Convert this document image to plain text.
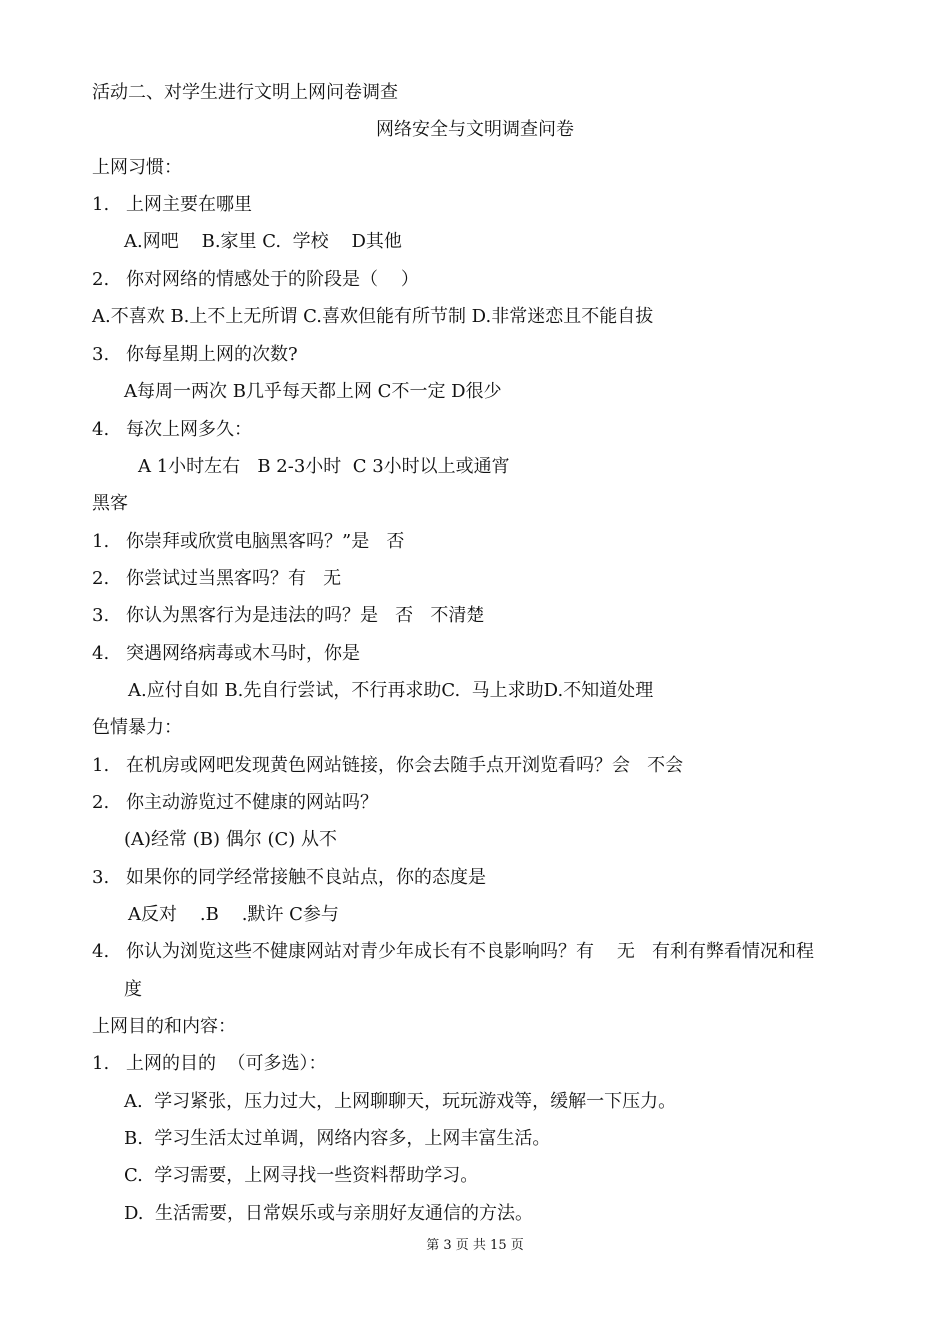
活动二、对学生进行文明上网问卷调查
网络安全与文明调查问卷
上网习惯：
1. 上网主要在哪里
A.网吧    B.家里 C.  学校    D其他
2. 你对网络的情感处于的阶段是（    ）
A.不喜欢 B.上不上无所谓 C.喜欢但能有所节制 D.非常迷恋且不能自拔
3. 你每星期上网的次数?
A每周一两次 B几乎每天都上网 C不一定 D很少
4. 每次上网多久：
A 1小时左右   B 2-3小时  C 3小时以上或通宵
黑客
1. 你崇拜或欣赏电脑黑客吗？”是   否
2. 你尝试过当黑客吗？有   无
3. 你认为黑客行为是违法的吗？是   否   不清楚
4. 突遇网络病毒或木马时，你是
A.应付自如 B.先自行尝试，不行再求助C.  马上求助D.不知道处理
色情暴力：
1. 在机房或网吧发现黄色网站链接，你会去随手点开浏览看吗？会   不会
2. 你主动游览过不健康的网站吗？
(A)经常 (B) 偶尔 (C) 从不
3. 如果你的同学经常接触不良站点，你的态度是
A反对    .B    .默许 C参与
4. 你认为浏览这些不健康网站对青少年成长有不良影响吗？有    无   有利有弊看情况和程
度
上网目的和内容：
1. 上网的目的  （可多选）：
A.  学习紧张，压力过大，上网聊聊天，玩玩游戏等，缓解一下压力。
B.  学习生活太过单调，网络内容多，上网丰富生活。
C.  学习需要，上网寻找一些资料帮助学习。
D.  生活需要，日常娱乐或与亲朋好友通信的方法。
第 3 页 共 15 页
